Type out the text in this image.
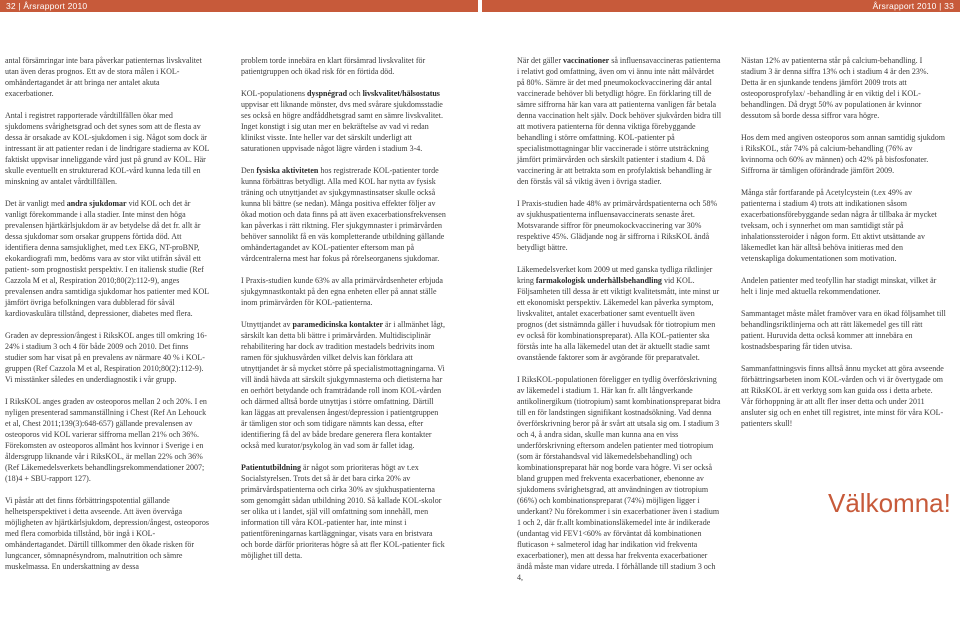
32 | Årsrapport 2010	Årsrapport 2010 | 33

antal försämringar inte bara påverkar patienternas livskvalitet utan även deras prognos. Ett av de stora målen i KOL-omhändertagandet är att bringa ner antalet akuta exacerbationer.

Antal i registret rapporterade vårdtillfällen ökar med sjukdomens svårighetsgrad och det synes som att de flesta av dessa är orsakade av KOL-sjukdomen i sig. Något som dock är intressant är att patienter redan i de lindrigare stadierna av KOL faktiskt uppvisar inneliggande vård just på grund av KOL. Här skulle eventuellt en strukturerad KOL-vård kunna leda till en minskning av antalet vårdtillfällen.

Det är vanligt med andra sjukdomar vid KOL och det är vanligt förekommande i alla stadier. Inte minst den höga prevalensen hjärtkärlsjukdom är av betydelse då det fr. allt är dessa sjukdomar som orsakar gruppens förtida död. Att identifiera denna samsjuklighet, med t.ex EKG, NT-proBNP, ekokardiografi mm, bedöms vara av stor vikt utifrån såväl ett patient- som prognostiskt perspektiv. I en italiensk studie (Ref Cazzola M et al, Respiration 2010;80(2):112-9), anges prevalensen andra samtidiga sjukdomar hos patienter med KOL jämfört övriga befolkningen vara dubblerad för såväl kardiovaskulära tillstånd, depressioner, diabetes med flera.

Graden av depression/ångest i RiksKOL anges till omkring 16-24% i stadium 3 och 4 för både 2009 och 2010. Det finns studier som har visat på en prevalens av närmare 40 % i KOL-gruppen (Ref Cazzola M et al, Respiration 2010;80(2):112-9). Vi misstänker således en underdiagnostik i vår grupp.

I RiksKOL anges graden av osteoporos mellan 2 och 20%. I en nyligen presenterad sammanställning i Chest (Ref An Lehouck et al, Chest 2011;139(3):648-657) gällande prevalensen av osteoporos vid KOL varierar siffrorna mellan 21% och 36%. Förekomsten av osteoporos allmänt hos kvinnor i Sverige i en åldersgrupp liknande vår i RiksKOL, är mellan 22% och 36% (Ref Läkemedelsverkets behandlingsrekommendationer 2007;(18)4 + SBU-rapport 127).

Vi påstår att det finns förbättringspotential gällande helhetsperspektivet i detta avseende. Att även övervåga möjligheten av hjärtkärlsjukdom, depression/ångest, osteoporos med flera comorbida tillstånd, bör ingå i KOL-omhändertagandet. Därtill tillkommer den ökade risken för lungcancer, sömnapnésyndrom, malnutrition och sämre muskelmassa. En underskattning av dessa

problem torde innebära en klart försämrad livskvalitet för patientgruppen och ökad risk för en förtida död.

KOL-populationens dyspnégrad och livskvalitet/hälsostatus uppvisar ett liknande mönster, dvs med svårare sjukdomsstadie ses också en högre andfåddhetsgrad samt en sämre livskvalitet. Inget konstigt i sig utan mer en bekräftelse av vad vi redan klinikst visste. Inte heller var det särskilt underligt att saturationen uppvisade något lägre värden i stadium 3-4.

Den fysiska aktiviteten hos registrerade KOL-patienter torde kunna förbättras betydligt. Alla med KOL har nytta av fysisk träning och utnyttjandet av sjukgymnastinsatser skulle också kunna bli bättre (se nedan). Många positiva effekter följer av ökad motion och data finns på att även exacerbationsfrekvensen kan påverkas i rätt riktning. Fler sjukgymnaster i primärvården behöver sannolikt få en väs kompletterande utbildning gällande omhändertagandet av KOL-patienter eftersom man på vårdcentralerna mest har fokus på rörelseorganens sjukdomar.

I Praxis-studien kunde 63% av alla primärvårdsenheter erbjuda sjukgymnastkontakt på den egna enheten eller på annat ställe inom primärvården för KOL-patienterna.

Utnyttjandet av paramedicinska kontakter är i allmänhet lågt, särskilt kan detta bli bättre i primärvården. Multidisciplinär rehabilitering har dock av tradition mestadels bedrivits inom ramen för sjukhusvården vilket delvis kan förklara att utnyttjandet är så mycket större på specialistmottagningarna. Vi vill ändå hävda att särskilt sjukgymnasterna och dietisterna har en oerhört betydande och framträdande roll inom KOL-vården och därmed alltså borde utnyttjas i större omfattning. Därtill kan läggas att prevalensen ångest/depression i patientgruppen är tämligen stor och som tidigare nämnts kan dessa, efter identifiering få del av både bredare generera flera kontakter också med kurator/psykolog än vad som är fallet idag.

Patientutbildning är något som prioriteras högt av t.ex Socialstyrelsen. Trots det så är det bara cirka 20% av primärvårdspatienterna och cirka 30% av sjukhuspatienterna som genomgått sådan utbildning 2010. Så kallade KOL-skolor ser olika ut i landet, själ vill omfattning som innehåll, men information till våra KOL-patienter har, inte minst i patientföreningarnas kartläggningar, visats vara en bristvara och borde därför prioriteras högre så att fler KOL-patienter fick möjlighet till detta.

När det gäller vaccinationer så influensavaccineras patienterna i relativt god omfattning, även om vi ännu inte nått målvärdet på 80%. Sämre är det med pneumokockvaccinering där antal vaccinerade behöver bli betydligt högre. En förklaring till de sämre siffrorna här kan vara att patienterna vanligen får betala denna vaccination helt själv. Dock behöver sjukvården bidra till att motivera patienterna för denna viktiga förebyggande behandling i större omfattning. KOL-patienter på specialistmottagningar blir vaccinerade i större utsträckning jämfört primärvården och särskilt patienter i stadium 4. Då vaccinering är att betrakta som en profylaktisk behandling är den förstås väl så viktig även i övriga stadier.

I Praxis-studien hade 48% av primärvårdspatienterna och 58% av sjukhuspatienterna influensavaccinerats senaste året. Motsvarande siffror för pneumokockvaccinering var 30% respektive 45%. Glädjande nog är siffrorna i RiksKOL ändå betydligt bättre.

Läkemedelsverket kom 2009 ut med ganska tydliga riktlinjer kring farmakologisk underhållsbehandling vid KOL. Följsamheten till dessa är ett viktigt kvalitetsmått, inte minst ur ett ekonomiskt perspektiv. Läkemedel kan påverka symptom, livskvalitet, antalet exacerbationer samt eventuellt även prognos (det sistnämnda gäller i huvudsak för tiotropium men ev också för kombinationspreparat). Alla KOL-patienter ska förstås inte ha alla läkemedel utan det är aktuellt stadie samt ovanstående faktorer som är avgörande för preparatvalet.

I RiksKOL-populationen föreligger en tydlig överförskrivning av läkemedel i stadium 1. Här kan fr. allt långverkande antikolinergikum (tiotropium) samt kombinationspreparat bidra till en för landstingen signifikant kostnadsökning. Vad denna överförskrivning beror på är svårt att utsala sig om. I stadium 3 och 4, å andra sidan, skulle man kunna ana en viss underförskrivning eftersom andelen patienter med tiotropium (som är förstahandsval vid läkemedelsbehandling) och kombinationspreparat här nog borde vara högre. Vi ser också bland gruppen med frekventa exacerbationer, ebenonne av sjukdomens svårighetsgrad, att användningen av tiotropium (66%) och kombinationspreparat (74%) möjligen ligger i underkant? Nu förekommer i sin exacerbationer även i stadium 1 och 2, där fr.allt kombinationsläkemedel inte är indikerade (undantag vid FEV1<60% av förväntat då kombinationen fluticason + salmeterol idag har indikation vid frekventa exacerbationer), men att dessa har frekventa exacerbationer ändå måste man vidare utreda. I förhållande till stadium 3 och 4,

Nästan 12% av patienterna står på calcium-behandling. I stadium 3 är denna siffra 13% och i stadium 4 är den 23%. Detta är en sjunkande tendens jämfört 2009 trots att osteoporosprofylax/ -behandling är en viktig del i KOL-behandlingen. Då drygt 50% av populationen är kvinnor dessutom så borde dessa siffror vara högre.

Hos dem med angiven osteoporos som annan samtidig sjukdom i RiksKOL, står 74% på calcium-behandling (76% av kvinnorna och 60% av männen) och 42% på bisfosfonater. Siffrorna är tämligen oförändrade jämfört 2009.

Många står fortfarande på Acetylcystein (t.ex 49% av patienterna i stadium 4) trots att indikationen såsom exacerbationsförebyggande sedan några år tillbaka är mycket tveksam, och i synnerhet om man samtidigt står på inhalationssteroider i någon form. Ett aktivt utsättande av läkemedlet kan här alltså behöva initieras med den vetenskapliga dokumentationen som motivation.

Andelen patienter med teofyllin har stadigt minskat, vilket är helt i linje med aktuella rekommendationer.

Sammantaget måste målet framöver vara en ökad följsamhet till behandlingsriktlinjerna och att rätt läkemedel ges till rätt patient. Huruvida detta också kommer att innebära en kostnadsbesparing får tiden utvisa.

Sammanfattningsvis finns alltså ännu mycket att göra avseende förbättringsarbeten inom KOL-vården och vi är övertygade om att RiksKOL är ett verktyg som kan guida oss i detta arbete. Vår förhoppning är att allt fler inser detta och under 2011 ansluter sig och en enhet till registret, inte minst för våra KOL-patienters skull!

Välkomna!
